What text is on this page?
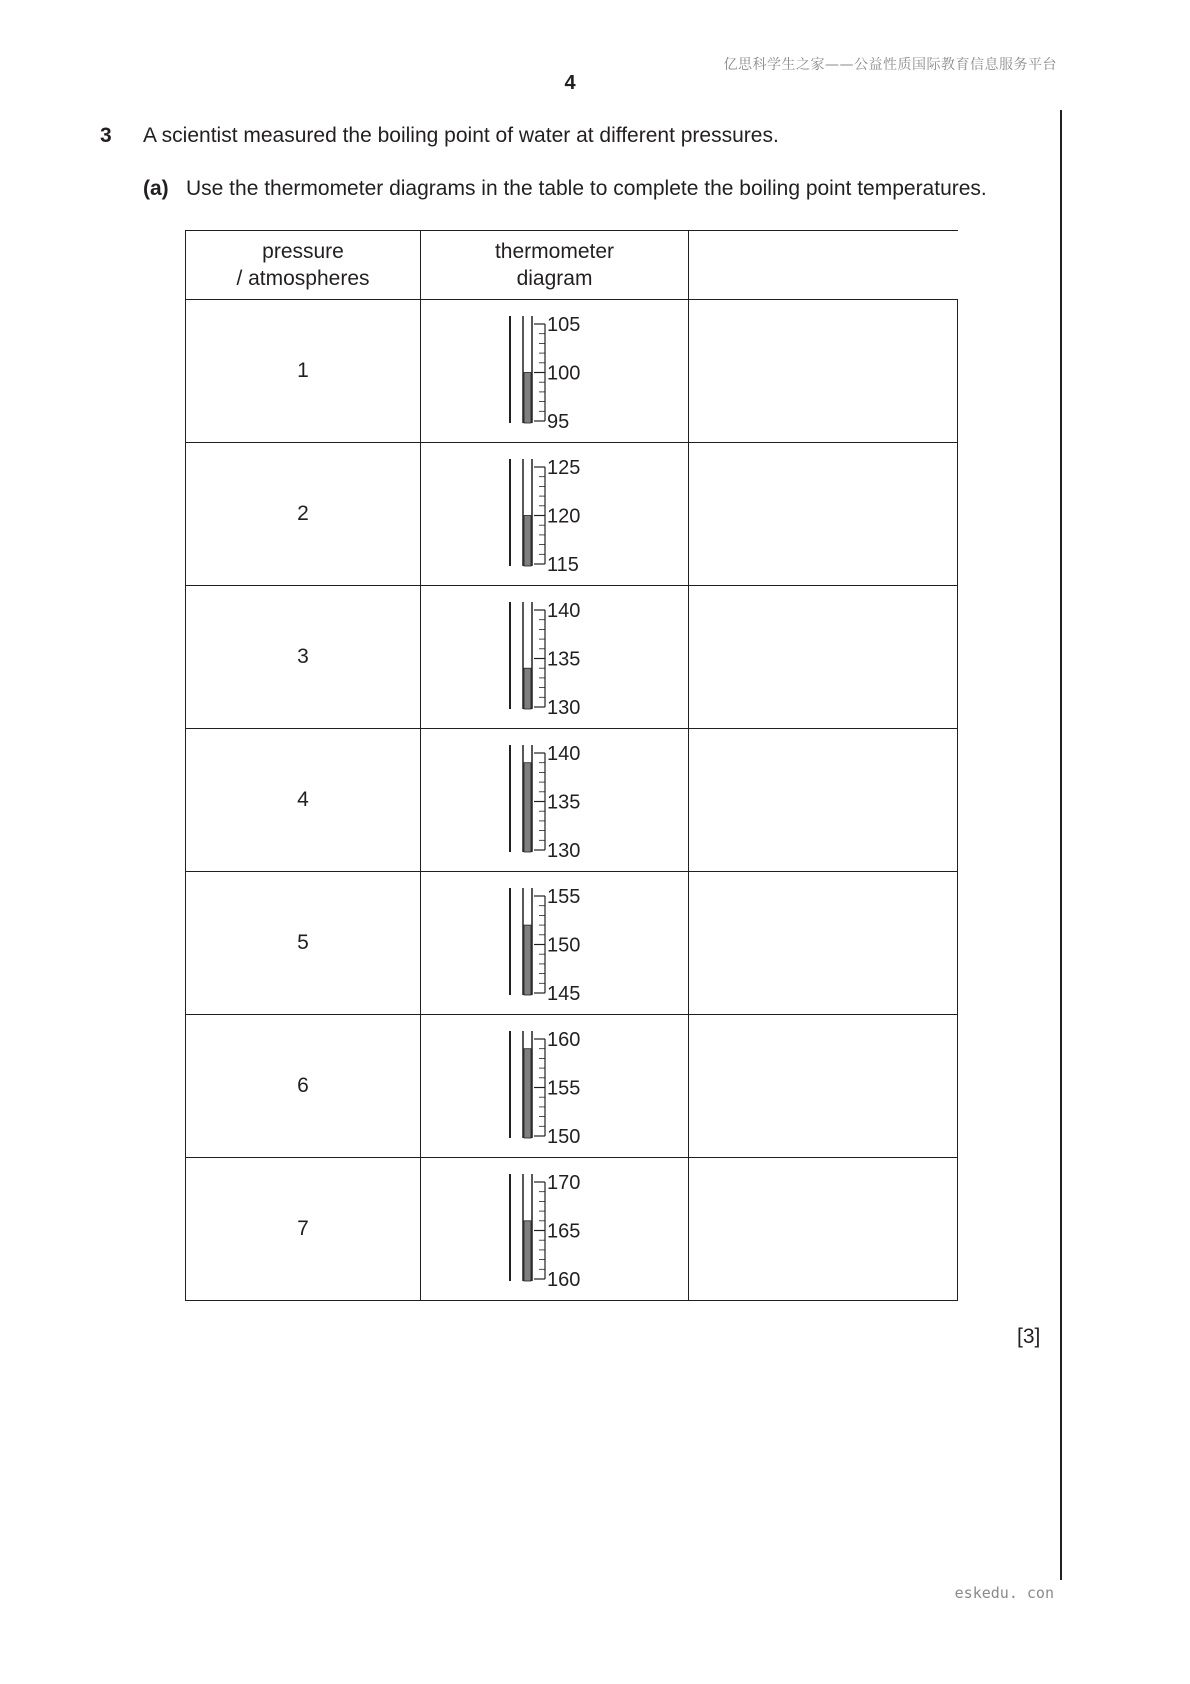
亿思科学生之家——公益性质国际教育信息服务平台
4
3 A scientist measured the boiling point of water at different pressures.
(a) Use the thermometer diagrams in the table to complete the boiling point temperatures.
pressure
/ atmospheres	thermometer
diagram	
1	105
100
95	

2	125
120
115	

3	140
135
130	

4	140
135
130	

5	155
150
145	

6	160
155
150	

7	170
165
160	

[3]
eskedu. con
